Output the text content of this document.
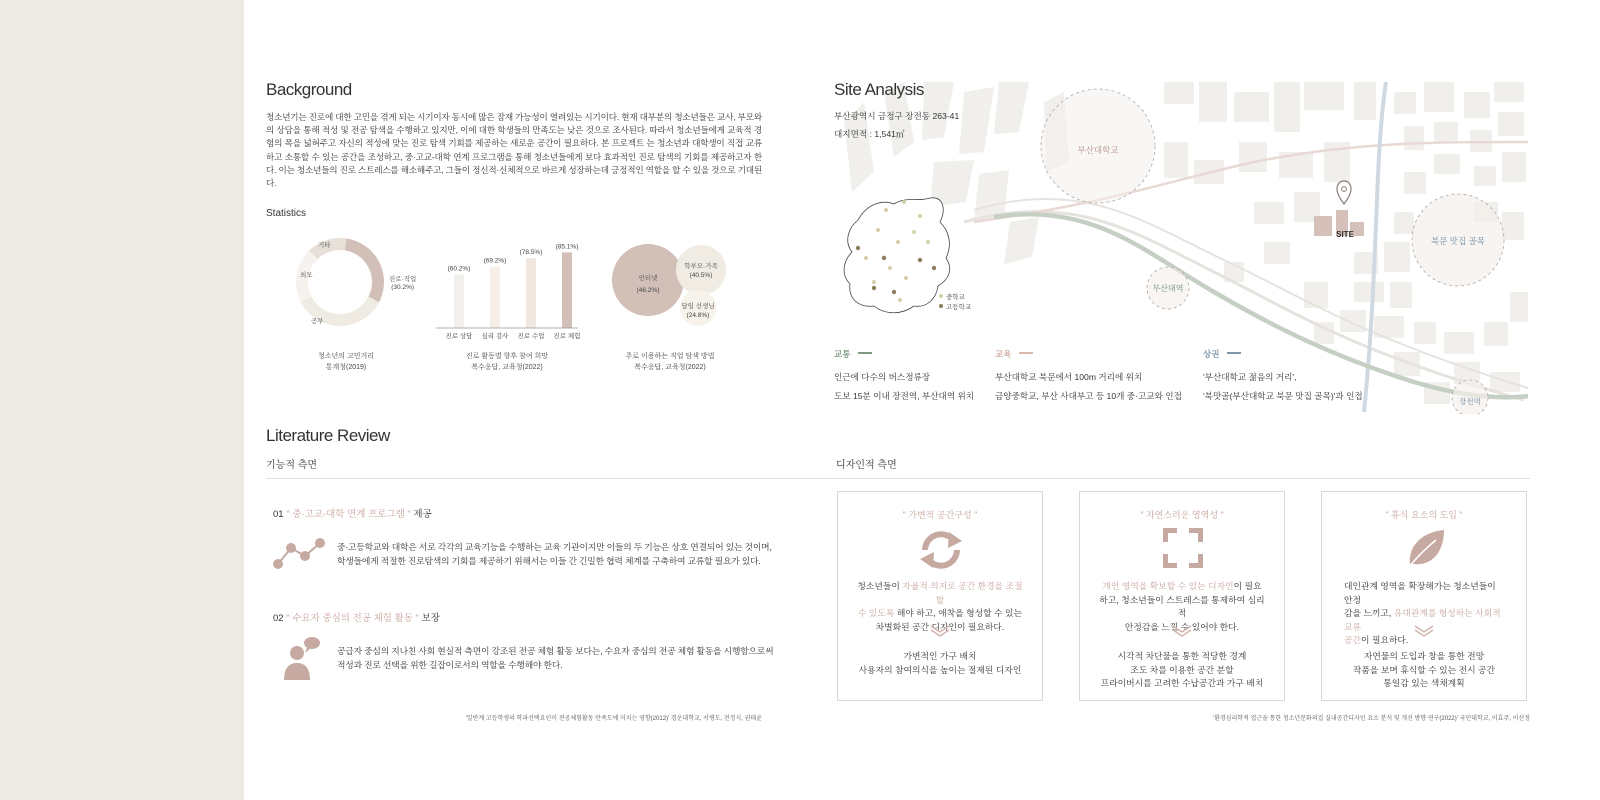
Background
청소년기는 진로에 대한 고민을 겪게 되는 시기이자 동시에 많은 잠재 가능성이 열려있는 시기이다. 현재 대부분의 청소년들은 교사, 부모와의 상담을 통해 적성 및 전공 탐색을 수행하고 있지만, 이에 대한 학생들의 만족도는 낮은 것으로 조사된다. 따라서 청소년들에게 교육적 경험의 폭을 넓혀주고 자신의 적성에 맞는 진로 탐색 기회를 제공하는 새로운 공간이 필요하다. 본 프로젝트 는 청소년과 대학생이 직접 교류하고 소통할 수 있는 공간을 조성하고, 중·고교-대학 연계 프로그램을 통해 청소년들에게 보다 효과적인 진로 탐색의 기회를 제공하고자 한다. 이는 청소년들의 진로 스트레스를 해소해주고, 그들이 정신적·신체적으로 바르게 성장하는데 긍정적인 역할을 할 수 있을 것으로 기대된다.
Statistics
기타
외모
진로·직업
(30.2%)
공부
청소년의 고민거리
통계청(2019)
(60.2%)
진로 상담
(69.2%)
심리 검사
(78.5%)
진로 수업
(85.1%)
진로 체험
진로 활동별 향후 참여 희망
복수응답, 교육청(2022)
인터넷
(46.2%)
학부모·가족
(40.5%)
담임 선생님
(24.8%)
주로 이용하는 직업 탐색 방법
복수응답, 교육청(2022)
Site Analysis
부산광역시 금정구 장전동 263-41
대지면적 : 1,541㎡
부산대학교
부산대역
SITE
북문 맛집 골목
장전역
중학교
고등학교
교통
인근에 다수의 버스정류장
도보 15분 이내 장전역, 부산대역 위치
교육
부산대학교 북문에서 100m 거리에 위치
금양중학교, 부산 사대부고 등 10개 중·고교와 인접
상권
'부산대학교 젊음의 거리',
'북맛골(부산대학교 북문 맛집 골목)'과 인접
Literature Review
기능적 측면	디자인적 측면
01 " 중·고교-대학 연계 프로그램 " 제공
중·고등학교와 대학은 서로 각각의 교육기능을 수행하는 교육 기관이지만 이들의 두 기능은 상호 연결되어 있는 것이며,
학생들에게 적절한 진로탐색의 기회를 제공하기 위해서는 이들 간 긴밀한 협력 체계를 구축하여 교류할 필요가 있다.
02 " 수요자 중심의 전공 체험 활동 " 보장
공급자 중심의 지나친 사회 현실적 측면이 강조된 전공 체험 활동 보다는, 수요자 중심의 전공 체험 활동을 시행함으로써
적성과 진로 선택을 위한 길잡이로서의 역할을 수행해야 한다.
'일반계 고등학생의 학과선택요인이 전공체험활동 만족도에 미치는 영향(2012)' 경운대학교, 서병도, 전정식, 권태윤
" 가변적 공간구성 "
청소년들이 자율적 의지로 공간 환경을 조절할
수 있도록 해야 하고, 애착을 형성할 수 있는
차별화된 공간 디자인이 필요하다.
가변적인 가구 배치
사용자의 참여의식을 높이는 절제된 디자인
" 자연스러운 영역성 "
개인 영역을 확보할 수 있는 디자인이 필요
하고, 청소년들이 스트레스를 통제하여 심리적
안정감을 느낄 수 있어야 한다.
시각적 차단물을 통한 적당한 경계
조도 차를 이용한 공간 분할
프라이버시를 고려한 수납공간과 가구 배치
" 휴식 요소의 도입 "
대인관계 영역을 확장해가는 청소년들이 안정
감을 느끼고, 유대관계를 형성하는 사회적 교류
공간이 필요하다.
자연물의 도입과 창을 통한 전망
작품을 보며 휴식할 수 있는 전시 공간
통일감 있는 색채계획
'환경심리학적 접근을 통한 청소년문화의집 실내공간디자인 요소 분석 및 개선 방향 연구(2022)' 국민대학교, 이효주, 이선정
